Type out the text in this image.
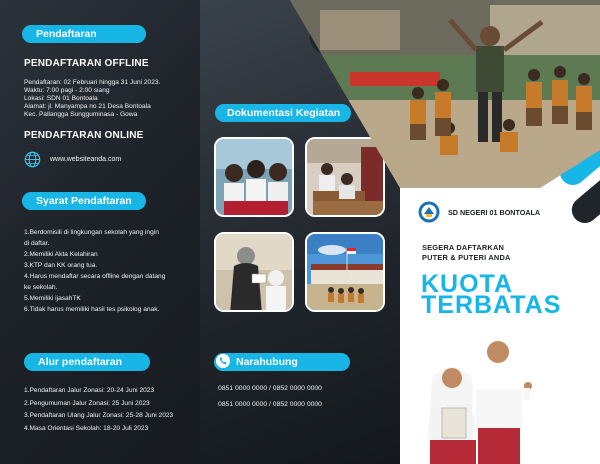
Pendaftaran
PENDAFTARAN OFFLINE
Pendaftaran: 02 Februari hingga 31 Juni 2023.
Waktu: 7:00 pagi - 2:00 siang
Lokasi: SDN 01 Bontoala
Alamat: jl. Manyampa no 21 Desa Bontoala
Kec. Pallangga Sungguminasa - Gowa
PENDAFTARAN ONLINE
www.websiteanda.com
Syarat Pendaftaran
1.Berdomisili di lingkungan sekolah yang ingin
di daftar.
2.Memiliki Akta Kelahiran
3.KTP dan KK orang tua.
4.Harus mendaftar secara offline dengan datang
ke sekolah.
5.Memiliki ijasahTK
6.Tidak harus memiliki hasil tes psikolog anak.
Alur pendaftaran
1.Pendaftaran Jalur Zonasi: 20-24 Juni 2023
2.Pengumuman Jalur Zonasi: 25 Juni 2023
3.Pendaftaran Ulang Jalur Zonasi: 25-28 Juni 2023
4.Masa Orientasi Sekolah: 18-20 Juli 2023
Dokumentasi Kegiatan
Narahubung
0851 0000 0000 / 0852 0000 0000
0851 0000 0000 / 0852 0000 0000
SD NEGERI 01 BONTOALA
SEGERA DAFTARKAN
PUTER & PUTERI ANDA
KUOTA
TERBATAS
